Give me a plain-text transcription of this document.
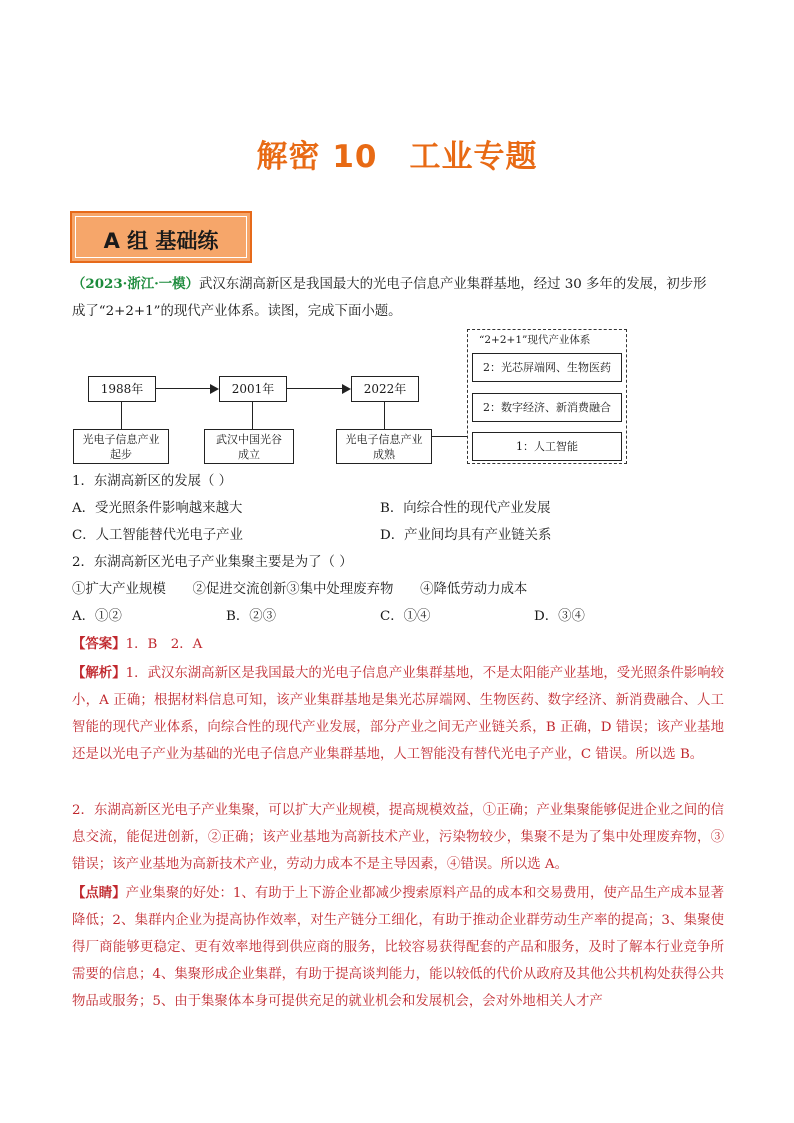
解密 10　工业专题
A 组 基础练

（2023·浙江·一模）武汉东湖高新区是我国最大的光电子信息产业集群基地，经过 30 多年的发展，初步形
成了“2+2+1”的现代产业体系。读图，完成下面小题。

1988年	2001年	2022年
光电子信息产业
起步
武汉中国光谷
成立
光电子信息产业
成熟
“2+2+1”现代产业体系
2：光芯屏端网、生物医药
2：数字经济、新消费融合
1：人工智能
1．东湖高新区的发展（ ）
A．受光照条件影响越来越大	B．向综合性的现代产业发展
C．人工智能替代光电子产业	D．产业间均具有产业链关系
2．东湖高新区光电子产业集聚主要是为了（ ）
①扩大产业规模　　②促进交流创新③集中处理废弃物　　④降低劳动力成本
A．①②	B．②③	C．①④	D．③④
【答案】1．B　2．A

【解析】1．武汉东湖高新区是我国最大的光电子信息产业集群基地，不是太阳能产业基地，受光照条件影响较小，A 正确；根据材料信息可知，该产业集群基地是集光芯屏端网、生物医药、数字经济、新消费融合、人工智能的现代产业体系，向综合性的现代产业发展，部分产业之间无产业链关系，B 正确，D 错误；该产业基地还是以光电子产业为基础的光电子信息产业集群基地，人工智能没有替代光电子产业，C 错误。所以选 B。

2．东湖高新区光电子产业集聚，可以扩大产业规模，提高规模效益，①正确；产业集聚能够促进企业之间的信息交流，能促进创新，②正确；该产业基地为高新技术产业，污染物较少，集聚不是为了集中处理废弃物，③错误；该产业基地为高新技术产业，劳动力成本不是主导因素，④错误。所以选 A。

【点睛】产业集聚的好处：1、有助于上下游企业都减少搜索原料产品的成本和交易费用，使产品生产成本显著降低；2、集群内企业为提高协作效率，对生产链分工细化，有助于推动企业群劳动生产率的提高；3、集聚使得厂商能够更稳定、更有效率地得到供应商的服务，比较容易获得配套的产品和服务，及时了解本行业竞争所需要的信息；4、集聚形成企业集群，有助于提高谈判能力，能以较低的代价从政府及其他公共机构处获得公共物品或服务；5、由于集聚体本身可提供充足的就业机会和发展机会，会对外地相关人才产
